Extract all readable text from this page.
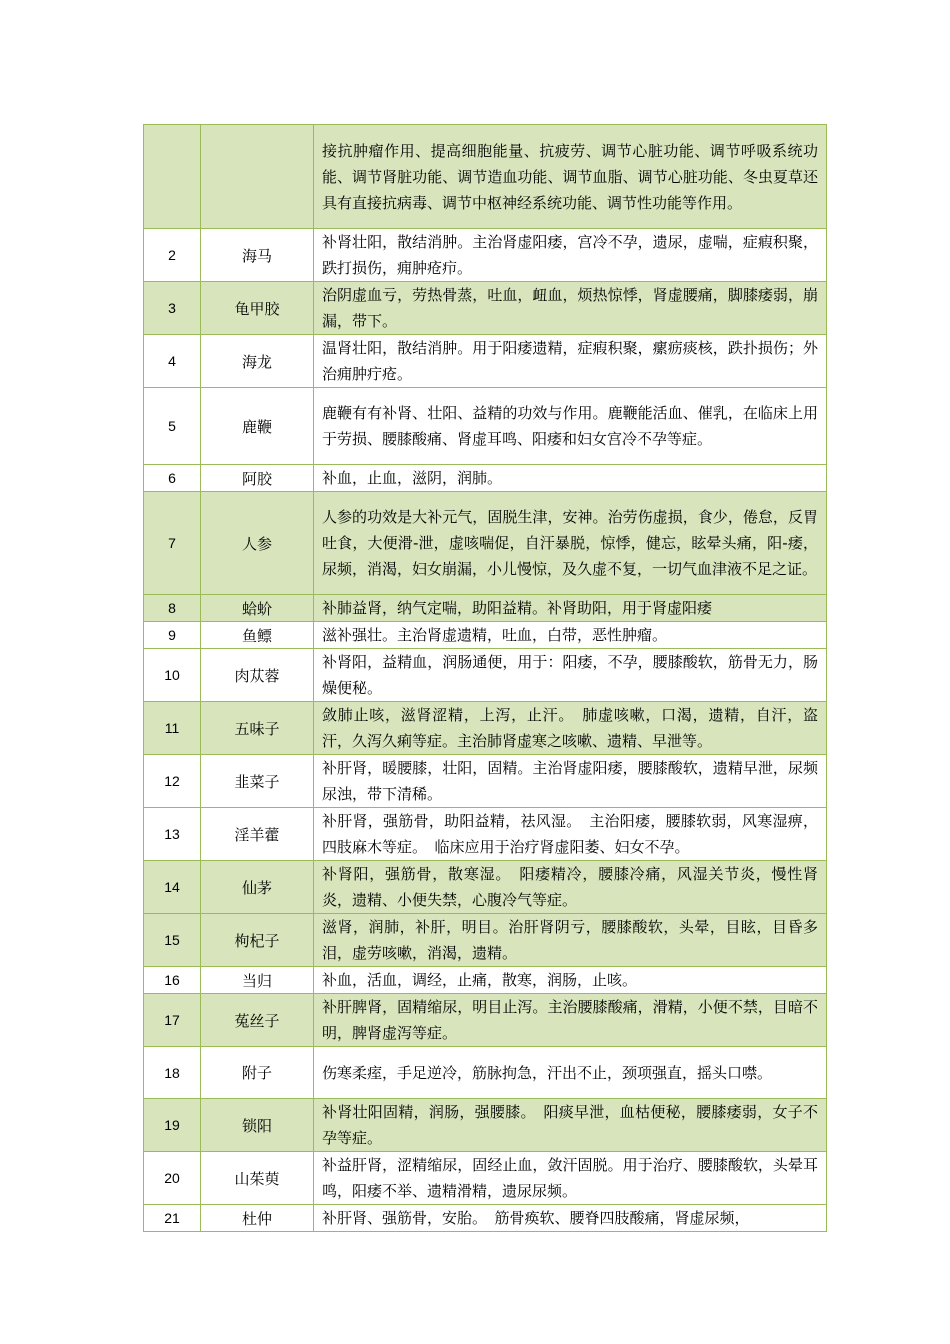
		接抗肿瘤作用、提高细胞能量、抗疲劳、调节心脏功能、调节呼吸系统功能、调节肾脏功能、调节造血功能、调节血脂、调节心脏功能、冬虫夏草还具有直接抗病毒、调节中枢神经系统功能、调节性功能等作用。
2	海马	补肾壮阳，散结消肿。主治肾虚阳痿，宫冷不孕，遗尿，虚喘，症瘕积聚，跌打损伤，痈肿疮疖。
3	龟甲胶	治阴虚血亏，劳热骨蒸，吐血，衄血，烦热惊悸，肾虚腰痛，脚膝痿弱，崩漏，带下。
4	海龙	温肾壮阳，散结消肿。用于阳痿遗精，症瘕积聚，瘰疬痰核，跌扑损伤；外治痈肿疔疮。
5	鹿鞭	鹿鞭有有补肾、壮阳、益精的功效与作用。鹿鞭能活血、催乳，在临床上用于劳损、腰膝酸痛、肾虚耳鸣、阳痿和妇女宫冷不孕等症。
6	阿胶	补血，止血，滋阴，润肺。
7	人参	人参的功效是大补元气，固脱生津，安神。治劳伤虚损，食少，倦怠，反胃吐食，大便滑-泄，虚咳喘促，自汗暴脱，惊悸，健忘，眩晕头痛，阳-痿，尿频，消渴，妇女崩漏，小儿慢惊，及久虚不复，一切气血津液不足之证。
8	蛤蚧	补肺益肾，纳气定喘，助阳益精。补肾助阳，用于肾虚阳痿
9	鱼鳔	滋补强壮。主治肾虚遗精，吐血，白带，恶性肿瘤。
10	肉苁蓉	补肾阳，益精血，润肠通便，用于：阳痿，不孕，腰膝酸软，筋骨无力，肠燥便秘。
11	五味子	敛肺止咳，滋肾涩精，上泻，止汗。　肺虚咳嗽，口渴，遗精，自汗，盗汗，久泻久痢等症。主治肺肾虚寒之咳嗽、遗精、早泄等。
12	韭菜子	补肝肾，暖腰膝，壮阳，固精。主治肾虚阳痿，腰膝酸软，遗精早泄，尿频尿浊，带下清稀。
13	淫羊藿	补肝肾，强筋骨，助阳益精，祛风湿。　主治阳痿，腰膝软弱，风寒湿痹，四肢麻木等症。　临床应用于治疗肾虚阳萎、妇女不孕。
14	仙茅	补肾阳，强筋骨，散寒湿。　阳痿精冷，腰膝冷痛，风湿关节炎，慢性肾炎，遗精、小便失禁，心腹冷气等症。
15	枸杞子	滋肾，润肺，补肝，明目。治肝肾阴亏，腰膝酸软，头晕，目眩，目昏多泪，虚劳咳嗽，消渴，遗精。
16	当归	补血，活血，调经，止痛，散寒，润肠，止咳。
17	菟丝子	补肝脾肾，固精缩尿，明目止泻。主治腰膝酸痛，滑精，小便不禁，目暗不明，脾肾虚泻等症。
18	附子	伤寒柔痓，手足逆冷，筋脉拘急，汗出不止，颈项强直，摇头口噤。
19	锁阳	补肾壮阳固精，润肠，强腰膝。　阳痰早泄，血枯便秘，腰膝痿弱，女子不孕等症。
20	山茱萸	补益肝肾，涩精缩尿，固经止血，敛汗固脱。用于治疗、腰膝酸软，头晕耳鸣，阳痿不举、遗精滑精，遗尿尿频。
21	杜仲	补肝肾、强筋骨，安胎。　筋骨痪软、腰脊四肢酸痛，肾虚尿频，
